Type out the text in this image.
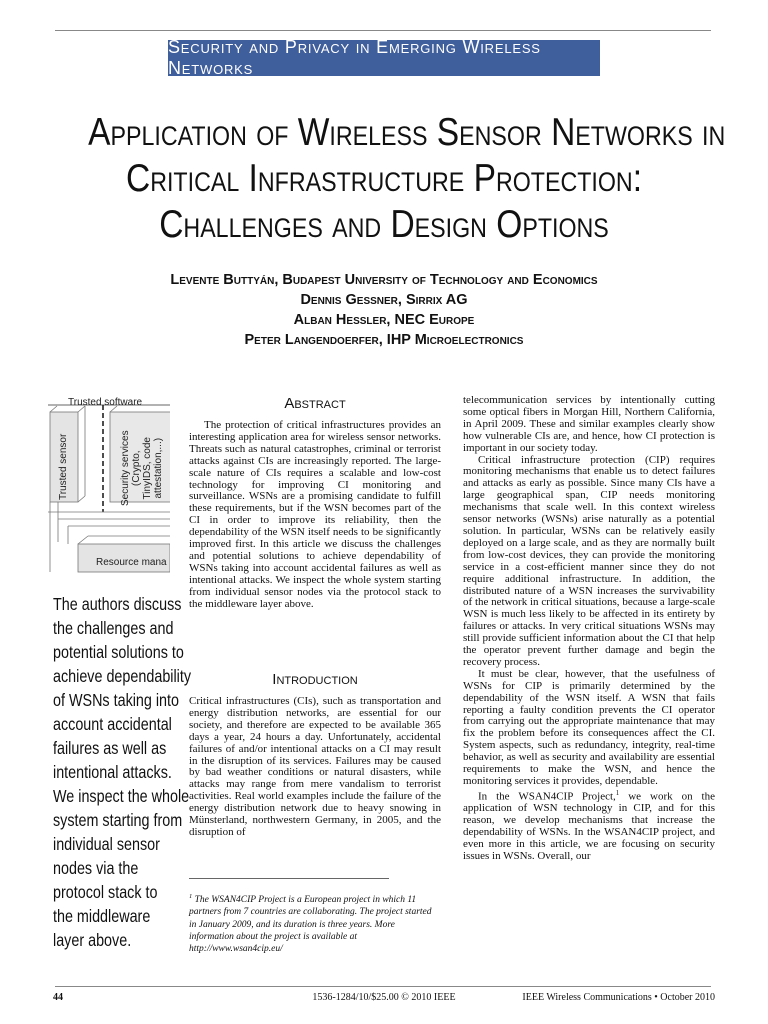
Security and Privacy in Emerging Wireless Networks
Application of Wireless Sensor Networks in
Critical Infrastructure Protection:
Challenges and Design Options
Levente Buttyán, Budapest University of Technology and Economics
Dennis Gessner, Sirrix AG
Alban Hessler, NEC Europe
Peter Langendoerfer, IHP Microelectronics
Trusted software
Trusted sensor	Security services (Crypto, TinyIDS, code attestation,...)
Resource mana
The authors discuss
the challenges and
potential solutions to
achieve dependability
of WSNs taking into
account accidental
failures as well as
intentional attacks.
We inspect the whole
system starting from
individual sensor
nodes via the
protocol stack to
the middleware
layer above.
Abstract

The protection of critical infrastructures provides an interesting application area for wireless sensor networks. Threats such as natural catastrophes, criminal or terrorist attacks against CIs are increasingly reported. The large-scale nature of CIs requires a scalable and low-cost technology for improving CI monitoring and surveillance. WSNs are a promising candidate to fulfill these requirements, but if the WSN becomes part of the CI in order to improve its reliability, then the dependability of the WSN itself needs to be significantly improved first. In this article we discuss the challenges and potential solutions to achieve dependability of WSNs taking into account accidental failures as well as intentional attacks. We inspect the whole system starting from individual sensor nodes via the protocol stack to the middleware layer above.

Introduction

Critical infrastructures (CIs), such as transportation and energy distribution networks, are essential for our society, and therefore are expected to be available 365 days a year, 24 hours a day. Unfortunately, accidental failures of and/or intentional attacks on a CI may result in the disruption of its services. Failures may be caused by bad weather conditions or natural disasters, while attacks may range from mere vandalism to terrorist activities. Real world examples include the failure of the energy distribution network due to heavy snowing in Münsterland, northwestern Germany, in 2005, and the disruption of

$^1$ The WSAN4CIP Project is a European project in which 11 partners from 7 countries are collaborating. The project started in January 2009, and its duration is three years. More information about the project is available at http://www.wsan4cip.eu/

telecommunication services by intentionally cutting some optical fibers in Morgan Hill, Northern California, in April 2009. These and similar examples clearly show how vulnerable CIs are, and hence, how CI protection is important in our society today.

Critical infrastructure protection (CIP) requires monitoring mechanisms that enable us to detect failures and attacks as early as possible. Since many CIs have a large geographical span, CIP needs monitoring mechanisms that scale well. In this context wireless sensor networks (WSNs) arise naturally as a potential solution. In particular, WSNs can be relatively easily deployed on a large scale, and as they are normally built from low-cost devices, they can provide the monitoring service in a cost-efficient manner since they do not require additional infrastructure. In addition, the distributed nature of a WSN increases the survivability of the network in critical situations, because a large-scale WSN is much less likely to be affected in its entirety by failures or attacks. In very critical situations WSNs may still provide sufficient information about the CI that help the operator prevent further damage and begin the recovery process.

It must be clear, however, that the usefulness of WSNs for CIP is primarily determined by the dependability of the WSN itself. A WSN that fails reporting a faulty condition prevents the CI operator from carrying out the appropriate maintenance that may fix the problem before its consequences affect the CI. System aspects, such as redundancy, integrity, real-time behavior, as well as security and availability are essential requirements to make the WSN, and hence the monitoring services it provides, dependable.

In the WSAN4CIP Project,$^1$ we work on the application of WSN technology in CIP, and for this reason, we develop mechanisms that increase the dependability of WSNs. In the WSAN4CIP project, and even more in this article, we are focusing on security issues in WSNs. Overall, our

44	1536-1284/10/$25.00 © 2010 IEEE	IEEE Wireless Communications • October 2010
